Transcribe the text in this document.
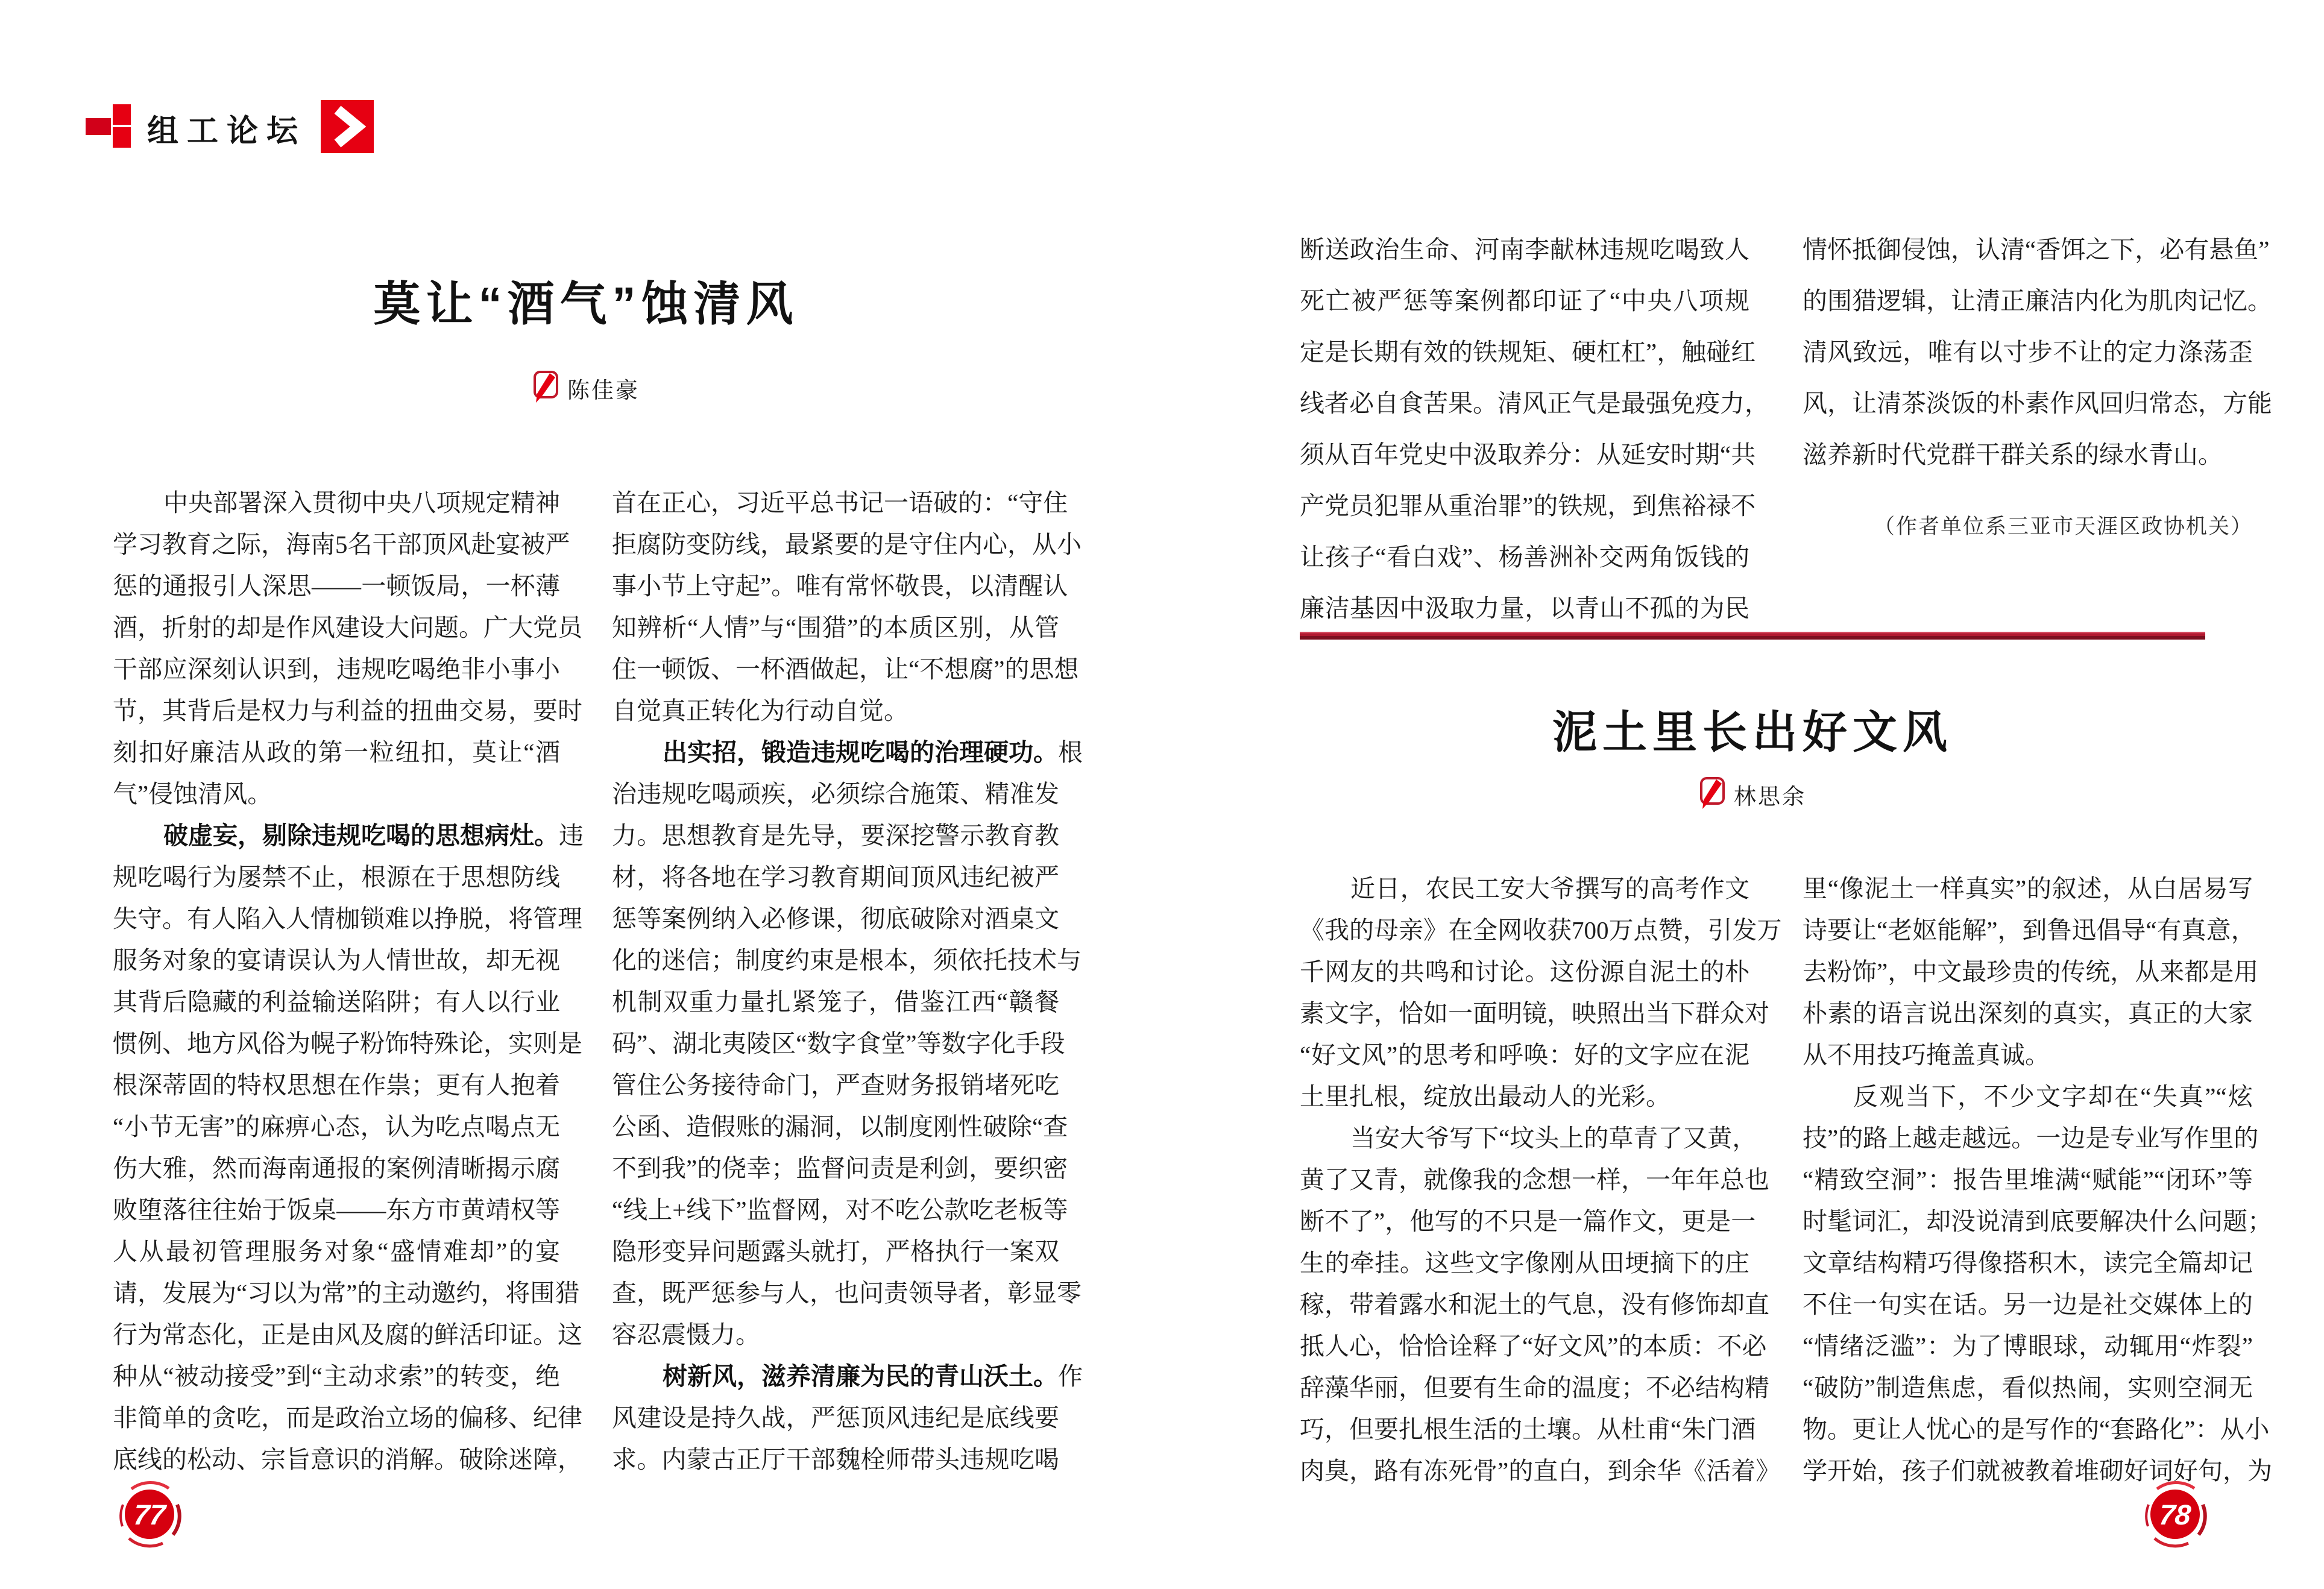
组工论坛
莫让“酒气”蚀清风
陈佳豪
中央部署深入贯彻中央八项规定精神
学习教育之际，海南5名干部顶风赴宴被严
惩的通报引人深思——一顿饭局，一杯薄
酒，折射的却是作风建设大问题。广大党员
干部应深刻认识到，违规吃喝绝非小事小
节，其背后是权力与利益的扭曲交易，要时
刻扣好廉洁从政的第一粒纽扣，莫让“酒
气”侵蚀清风。
破虚妄，剔除违规吃喝的思想病灶。违
规吃喝行为屡禁不止，根源在于思想防线
失守。有人陷入人情枷锁难以挣脱，将管理
服务对象的宴请误认为人情世故，却无视
其背后隐藏的利益输送陷阱；有人以行业
惯例、地方风俗为幌子粉饰特殊论，实则是
根深蒂固的特权思想在作祟；更有人抱着
“小节无害”的麻痹心态，认为吃点喝点无
伤大雅，然而海南通报的案例清晰揭示腐
败堕落往往始于饭桌——东方市黄靖权等
人从最初管理服务对象“盛情难却”的宴
请，发展为“习以为常”的主动邀约，将围猎
行为常态化，正是由风及腐的鲜活印证。这
种从“被动接受”到“主动求索”的转变，绝
非简单的贪吃，而是政治立场的偏移、纪律
底线的松动、宗旨意识的消解。破除迷障，
首在正心，习近平总书记一语破的：“守住
拒腐防变防线，最紧要的是守住内心，从小
事小节上守起”。唯有常怀敬畏，以清醒认
知辨析“人情”与“围猎”的本质区别，从管
住一顿饭、一杯酒做起，让“不想腐”的思想
自觉真正转化为行动自觉。
出实招，锻造违规吃喝的治理硬功。根
治违规吃喝顽疾，必须综合施策、精准发
力。思想教育是先导，要深挖警示教育教
材，将各地在学习教育期间顶风违纪被严
惩等案例纳入必修课，彻底破除对酒桌文
化的迷信；制度约束是根本，须依托技术与
机制双重力量扎紧笼子，借鉴江西“赣餐
码”、湖北夷陵区“数字食堂”等数字化手段
管住公务接待命门，严查财务报销堵死吃
公函、造假账的漏洞，以制度刚性破除“查
不到我”的侥幸；监督问责是利剑，要织密
“线上+线下”监督网，对不吃公款吃老板等
隐形变异问题露头就打，严格执行一案双
查，既严惩参与人，也问责领导者，彰显零
容忍震慑力。
树新风，滋养清廉为民的青山沃土。作
风建设是持久战，严惩顶风违纪是底线要
求。内蒙古正厅干部魏栓师带头违规吃喝
77
断送政治生命、河南李献林违规吃喝致人
死亡被严惩等案例都印证了“中央八项规
定是长期有效的铁规矩、硬杠杠”，触碰红
线者必自食苦果。清风正气是最强免疫力，
须从百年党史中汲取养分：从延安时期“共
产党员犯罪从重治罪”的铁规，到焦裕禄不
让孩子“看白戏”、杨善洲补交两角饭钱的
廉洁基因中汲取力量，以青山不孤的为民
情怀抵御侵蚀，认清“香饵之下，必有悬鱼”
的围猎逻辑，让清正廉洁内化为肌肉记忆。
清风致远，唯有以寸步不让的定力涤荡歪
风，让清茶淡饭的朴素作风回归常态，方能
滋养新时代党群干群关系的绿水青山。
（作者单位系三亚市天涯区政协机关）
泥土里长出好文风
林思余
近日，农民工安大爷撰写的高考作文
《我的母亲》在全网收获700万点赞，引发万
千网友的共鸣和讨论。这份源自泥土的朴
素文字，恰如一面明镜，映照出当下群众对
“好文风”的思考和呼唤：好的文字应在泥
土里扎根，绽放出最动人的光彩。
当安大爷写下“坟头上的草青了又黄，
黄了又青，就像我的念想一样，一年年总也
断不了”，他写的不只是一篇作文，更是一
生的牵挂。这些文字像刚从田埂摘下的庄
稼，带着露水和泥土的气息，没有修饰却直
抵人心，恰恰诠释了“好文风”的本质：不必
辞藻华丽，但要有生命的温度；不必结构精
巧，但要扎根生活的土壤。从杜甫“朱门酒
肉臭，路有冻死骨”的直白，到余华《活着》
里“像泥土一样真实”的叙述，从白居易写
诗要让“老妪能解”，到鲁迅倡导“有真意，
去粉饰”，中文最珍贵的传统，从来都是用
朴素的语言说出深刻的真实，真正的大家
从不用技巧掩盖真诚。
反观当下，不少文字却在“失真”“炫
技”的路上越走越远。一边是专业写作里的
“精致空洞”：报告里堆满“赋能”“闭环”等
时髦词汇，却没说清到底要解决什么问题；
文章结构精巧得像搭积木，读完全篇却记
不住一句实在话。另一边是社交媒体上的
“情绪泛滥”：为了博眼球，动辄用“炸裂”
“破防”制造焦虑，看似热闹，实则空洞无
物。更让人忧心的是写作的“套路化”：从小
学开始，孩子们就被教着堆砌好词好句，为
78
